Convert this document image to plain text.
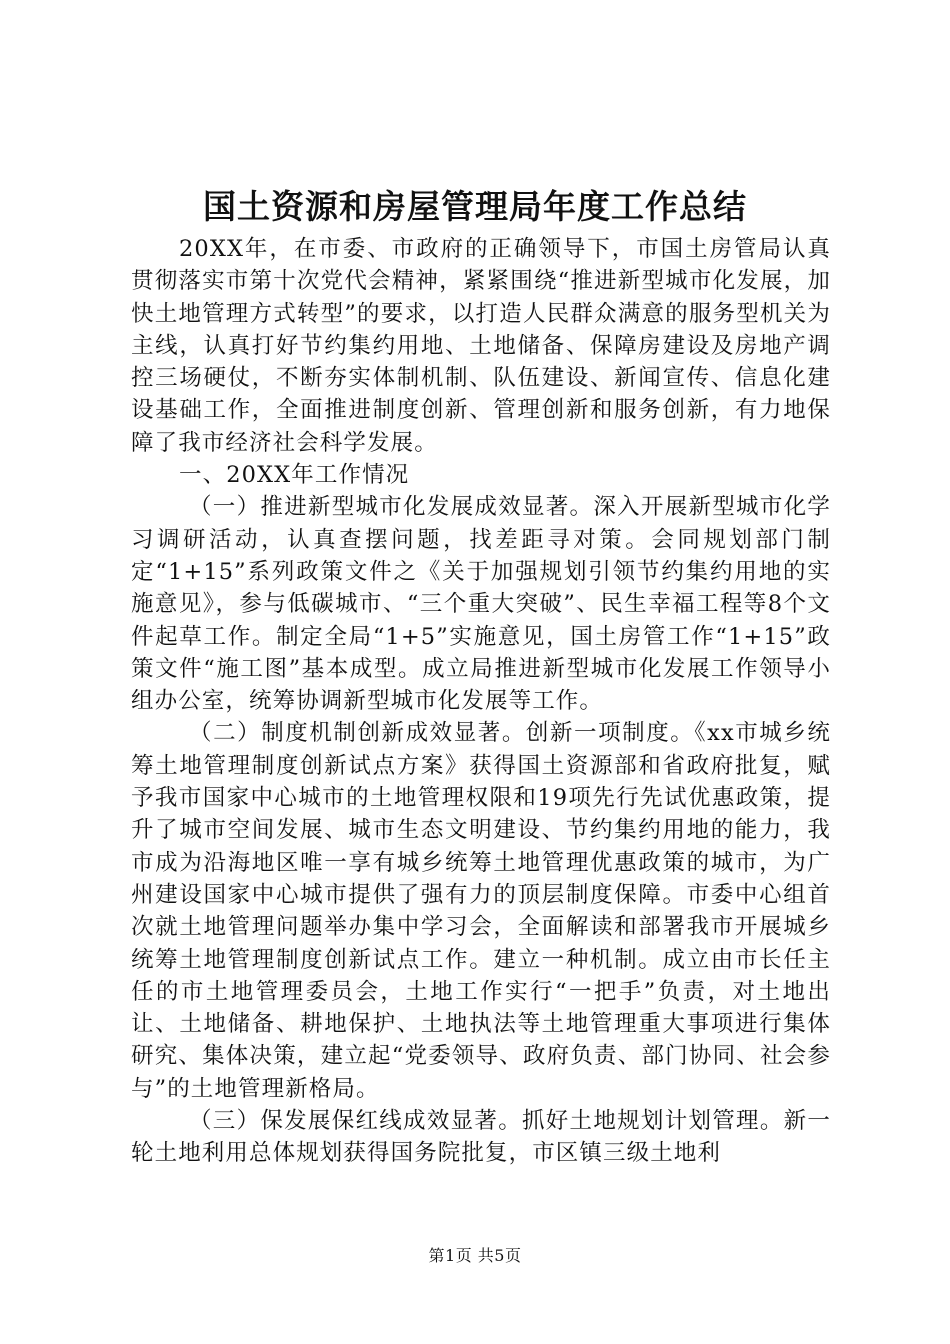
国土资源和房屋管理局年度工作总结

20XX年，在市委、市政府的正确领导下，市国土房管局认真贯彻落实市第十次党代会精神，紧紧围绕“推进新型城市化发展，加快土地管理方式转型”的要求，以打造人民群众满意的服务型机关为主线，认真打好节约集约用地、土地储备、保障房建设及房地产调控三场硬仗，不断夯实体制机制、队伍建设、新闻宣传、信息化建设基础工作，全面推进制度创新、管理创新和服务创新，有力地保障了我市经济社会科学发展。

一、20XX年工作情况

（一）推进新型城市化发展成效显著。深入开展新型城市化学习调研活动，认真查摆问题，找差距寻对策。会同规划部门制定“1+15”系列政策文件之《关于加强规划引领节约集约用地的实施意见》，参与低碳城市、“三个重大突破”、民生幸福工程等8个文件起草工作。制定全局“1+5”实施意见，国土房管工作“1+15”政策文件“施工图”基本成型。成立局推进新型城市化发展工作领导小组办公室，统筹协调新型城市化发展等工作。

（二）制度机制创新成效显著。创新一项制度。《xx市城乡统筹土地管理制度创新试点方案》获得国土资源部和省政府批复，赋予我市国家中心城市的土地管理权限和19项先行先试优惠政策，提升了城市空间发展、城市生态文明建设、节约集约用地的能力，我市成为沿海地区唯一享有城乡统筹土地管理优惠政策的城市，为广州建设国家中心城市提供了强有力的顶层制度保障。市委中心组首次就土地管理问题举办集中学习会，全面解读和部署我市开展城乡统筹土地管理制度创新试点工作。建立一种机制。成立由市长任主任的市土地管理委员会，土地工作实行“一把手”负责，对土地出让、土地储备、耕地保护、土地执法等土地管理重大事项进行集体研究、集体决策，建立起“党委领导、政府负责、部门协同、社会参与”的土地管理新格局。

（三）保发展保红线成效显著。抓好土地规划计划管理。新一轮土地利用总体规划获得国务院批复，市区镇三级土地利

第1页 共5页
